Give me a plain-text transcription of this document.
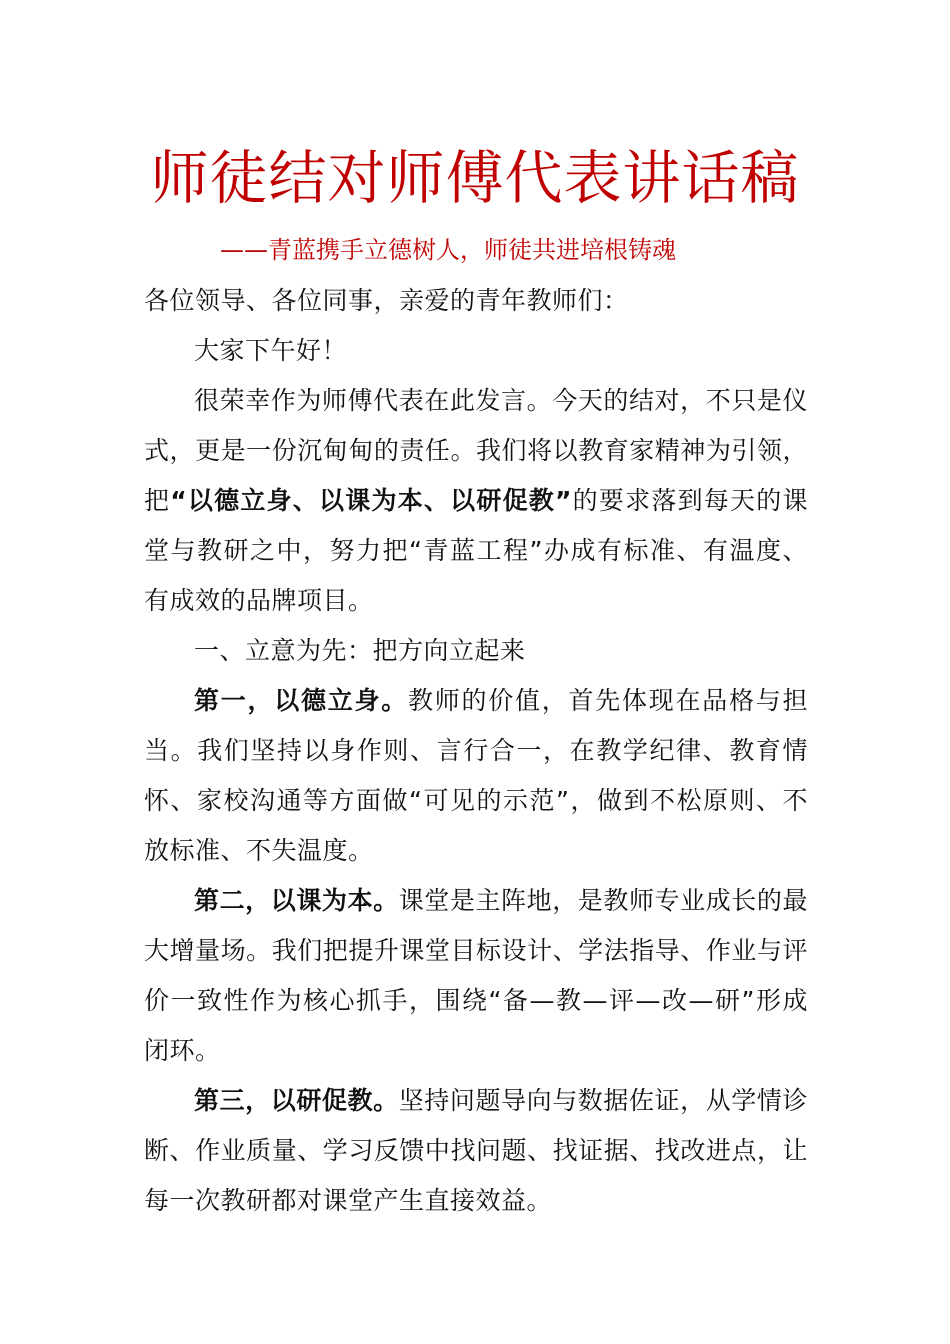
师徒结对师傅代表讲话稿
——青蓝携手立德树人，师徒共进培根铸魂

各位领导、各位同事，亲爱的青年教师们：

大家下午好！

很荣幸作为师傅代表在此发言。今天的结对，不只是仪式，更是一份沉甸甸的责任。我们将以教育家精神为引领，把“以德立身、以课为本、以研促教”的要求落到每天的课堂与教研之中，努力把“青蓝工程”办成有标准、有温度、有成效的品牌项目。

一、立意为先：把方向立起来

第一，以德立身。教师的价值，首先体现在品格与担当。我们坚持以身作则、言行合一，在教学纪律、教育情怀、家校沟通等方面做“可见的示范”，做到不松原则、不放标准、不失温度。

第二，以课为本。课堂是主阵地，是教师专业成长的最大增量场。我们把提升课堂目标设计、学法指导、作业与评价一致性作为核心抓手，围绕“备—教—评—改—研”形成闭环。

第三，以研促教。坚持问题导向与数据佐证，从学情诊断、作业质量、学习反馈中找问题、找证据、找改进点，让每一次教研都对课堂产生直接效益。
